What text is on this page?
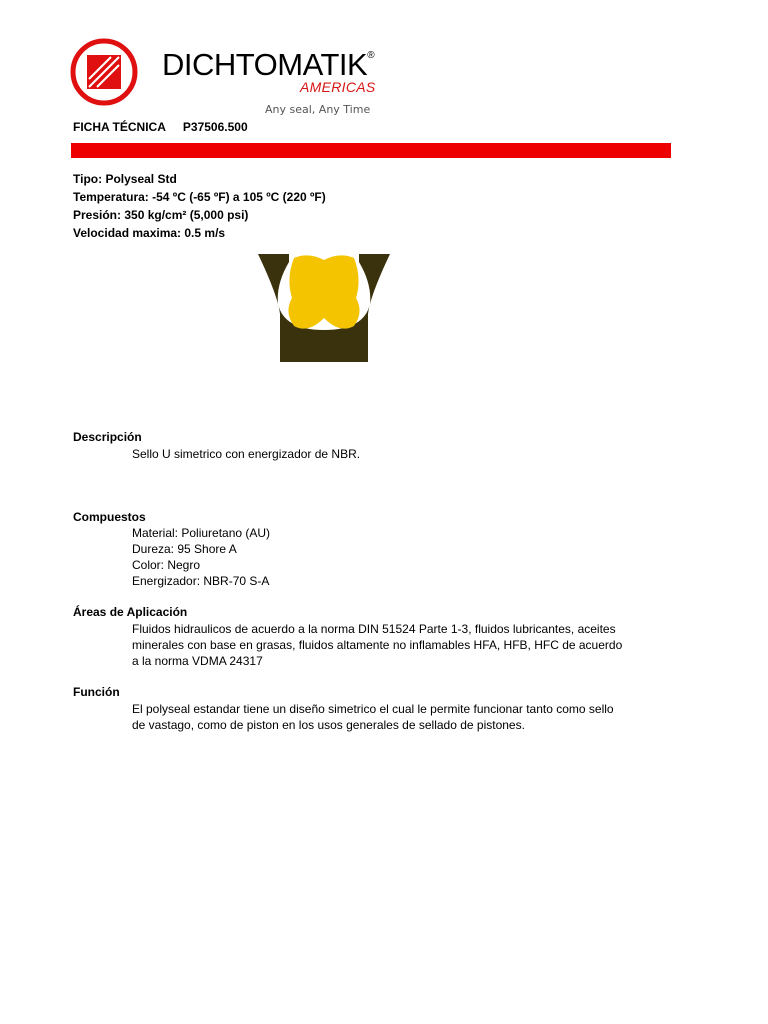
DICHTOMATIK®
AMERICAS
Any seal, Any Time
FICHA TÉCNICA P37506.500
Tipo: Polyseal Std
Temperatura: -54 ºC (-65 ºF) a 105 ºC (220 ºF)
Presión: 350 kg/cm² (5,000 psi)
Velocidad maxima: 0.5 m/s
Descripción
Sello U simetrico con energizador de NBR.
Compuestos
Material: Poliuretano (AU)
Dureza: 95 Shore A
Color: Negro
Energizador: NBR-70 S-A
Áreas de Aplicación
Fluidos hidraulicos de acuerdo a la norma DIN 51524 Parte 1-3, fluidos lubricantes, aceites
minerales con base en grasas, fluidos altamente no inflamables HFA, HFB, HFC de acuerdo
a la norma VDMA 24317
Función
El polyseal estandar tiene un diseño simetrico el cual le permite funcionar tanto como sello
de vastago, como de piston en los usos generales de sellado de pistones.
